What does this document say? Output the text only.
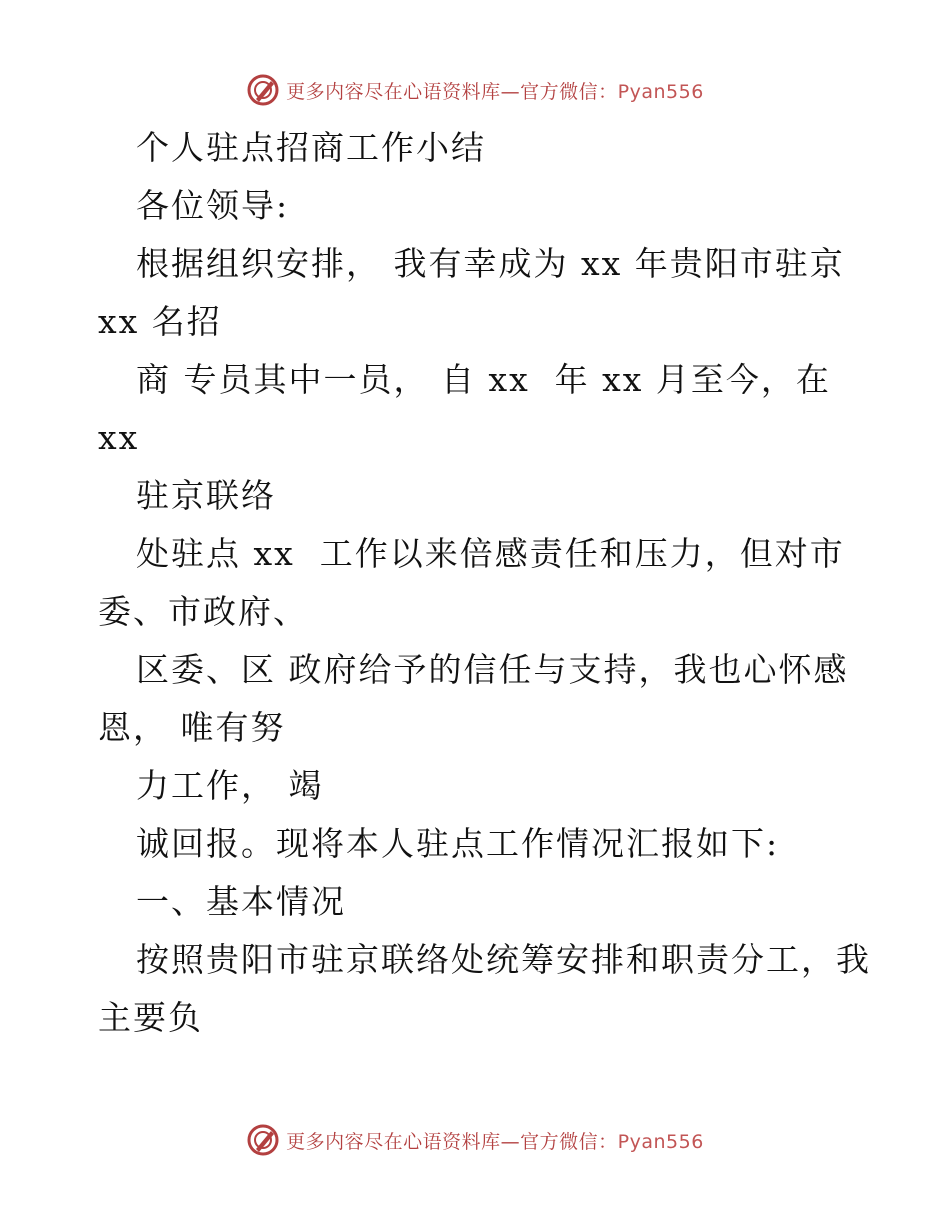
更多内容尽在心语资料库—官方微信：Pyan556
个人驻点招商工作小结
各位领导:
根据组织安排， 我有幸成为 xx 年贵阳市驻京
xx 名招
商 专员其中一员， 自 xx  年 xx 月至今，在
xx
驻京联络
处驻点 xx  工作以来倍感责任和压力，但对市
委、市政府、
区委、区 政府给予的信任与支持，我也心怀感
恩， 唯有努
力工作， 竭
诚回报。现将本人驻点工作情况汇报如下:
一、基本情况
按照贵阳市驻京联络处统筹安排和职责分工，我
主要负
更多内容尽在心语资料库—官方微信：Pyan556
